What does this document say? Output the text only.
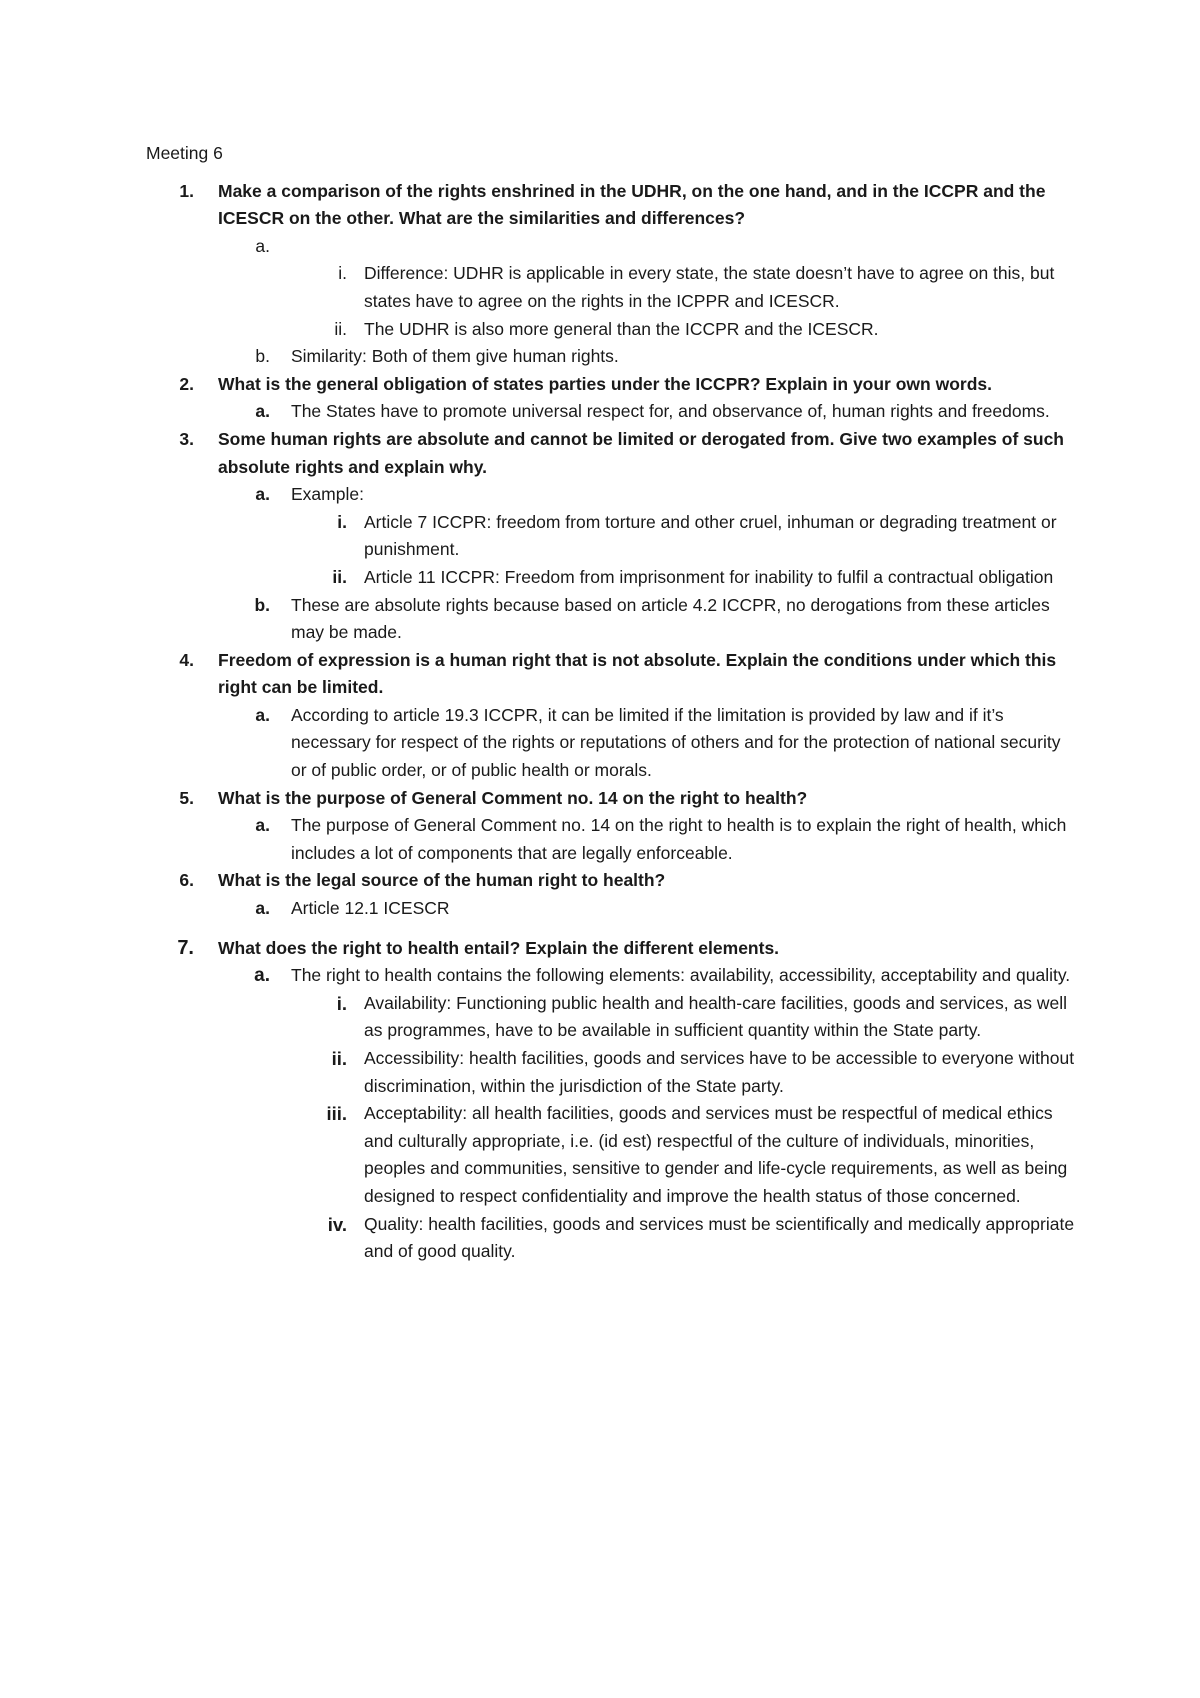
Meeting 6
1. Make a comparison of the rights enshrined in the UDHR, on the one hand, and in the ICCPR and the ICESCR on the other. What are the similarities and differences?
a.
i. Difference: UDHR is applicable in every state, the state doesn’t have to agree on this, but states have to agree on the rights in the ICPPR and ICESCR.
ii. The UDHR is also more general than the ICCPR and the ICESCR.
b. Similarity: Both of them give human rights.
2. What is the general obligation of states parties under the ICCPR? Explain in your own words.
a. The States have to promote universal respect for, and observance of, human rights and freedoms.
3. Some human rights are absolute and cannot be limited or derogated from. Give two examples of such absolute rights and explain why.
a. Example:
i. Article 7 ICCPR: freedom from torture and other cruel, inhuman or degrading treatment or punishment.
ii. Article 11 ICCPR: Freedom from imprisonment for inability to fulfil a contractual obligation
b. These are absolute rights because based on article 4.2 ICCPR, no derogations from these articles may be made.
4. Freedom of expression is a human right that is not absolute. Explain the conditions under which this right can be limited.
a. According to article 19.3 ICCPR, it can be limited if the limitation is provided by law and if it’s necessary for respect of the rights or reputations of others and for the protection of national security or of public order, or of public health or morals.
5. What is the purpose of General Comment no. 14 on the right to health?
a. The purpose of General Comment no. 14 on the right to health is to explain the right of health, which includes a lot of components that are legally enforceable.
6. What is the legal source of the human right to health?
a. Article 12.1 ICESCR
7. What does the right to health entail? Explain the different elements.
a. The right to health contains the following elements: availability, accessibility, acceptability and quality.
i. Availability: Functioning public health and health-care facilities, goods and services, as well as programmes, have to be available in sufficient quantity within the State party.
ii. Accessibility: health facilities, goods and services have to be accessible to everyone without discrimination, within the jurisdiction of the State party.
iii. Acceptability: all health facilities, goods and services must be respectful of medical ethics and culturally appropriate, i.e. (id est) respectful of the culture of individuals, minorities, peoples and communities, sensitive to gender and life-cycle requirements, as well as being designed to respect confidentiality and improve the health status of those concerned.
iv. Quality: health facilities, goods and services must be scientifically and medically appropriate and of good quality.
